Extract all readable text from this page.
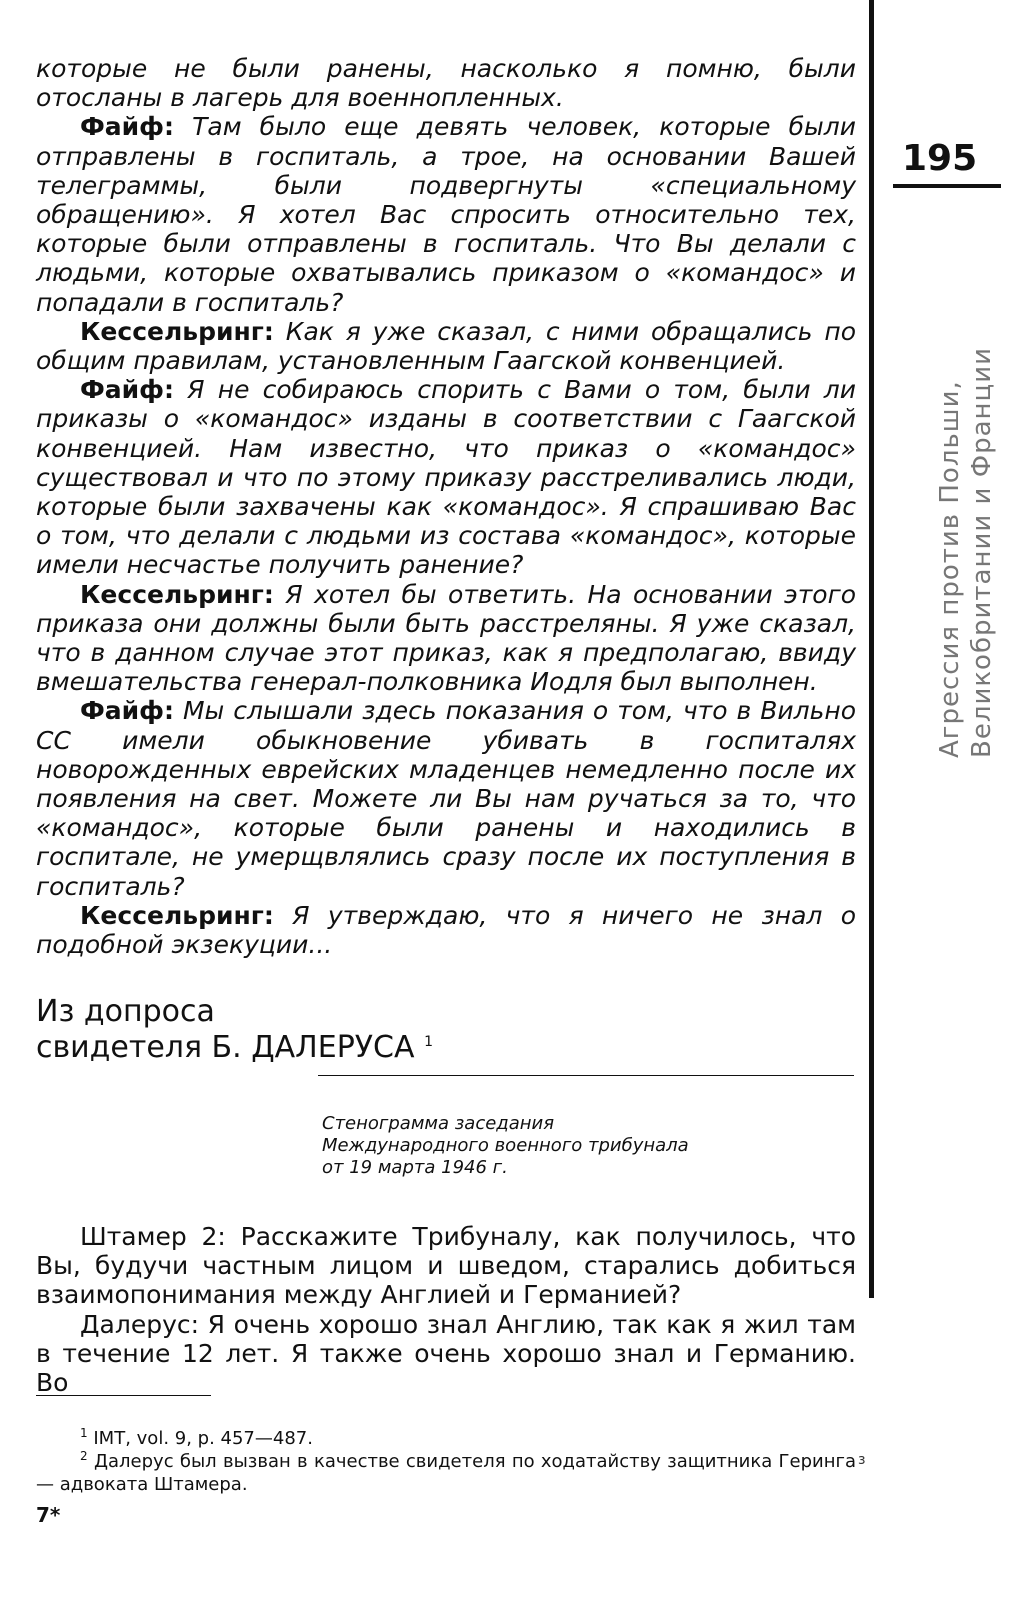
которые не были ранены, насколько я помню, были отосланы в лагерь для военнопленных.

Файф: Там было еще девять человек, которые были отправлены в госпиталь, а трое, на основании Вашей телеграммы, были подвергнуты «специальному обращению». Я хотел Вас спросить относительно тех, которые были отправлены в госпиталь. Что Вы делали с людьми, которые охватывались приказом о «командос» и попадали в госпиталь?

Кессельринг: Как я уже сказал, с ними обращались по общим правилам, установленным Гаагской конвенцией.

Файф: Я не собираюсь спорить с Вами о том, были ли приказы о «командос» изданы в соответствии с Гаагской конвенцией. Нам известно, что приказ о «командос» существовал и что по этому приказу расстреливались люди, которые были захвачены как «командос». Я спрашиваю Вас о том, что делали с людьми из состава «командос», которые имели несчастье получить ранение?

Кессельринг: Я хотел бы ответить. На основании этого приказа они должны были быть расстреляны. Я уже сказал, что в данном случае этот приказ, как я предполагаю, ввиду вмешательства генерал-полковника Иодля был выполнен.

Файф: Мы слышали здесь показания о том, что в Вильно СС имели обыкновение убивать в госпиталях новорожденных еврейских младенцев немедленно после их появления на свет. Можете ли Вы нам ручаться за то, что «командос», которые были ранены и находились в госпитале, не умерщвлялись сразу после их поступления в госпиталь?

Кессельринг: Я утверждаю, что я ничего не знал о подобной экзекуции...

Из допроса
свидетеля Б. ДАЛЕРУСА $^1$
Стенограмма заседания
Международного военного трибунала
от 19 марта 1946 г.

Штамер 2: Расскажите Трибуналу, как получилось, что Вы, будучи частным лицом и шведом, старались добиться взаимопонимания между Англией и Германией?

Далерус: Я очень хорошо знал Англию, так как я жил там в течение 12 лет. Я также очень хорошо знал и Германию. Во

$^1$ IMT, vol. 9, p. 457—487.

$^2$ Далерус был вызван в качестве свидетеля по ходатайству защитника Геринга — адвоката Штамера.

7*
195
Агрессия против Польши, Великобритании и Франции
з
